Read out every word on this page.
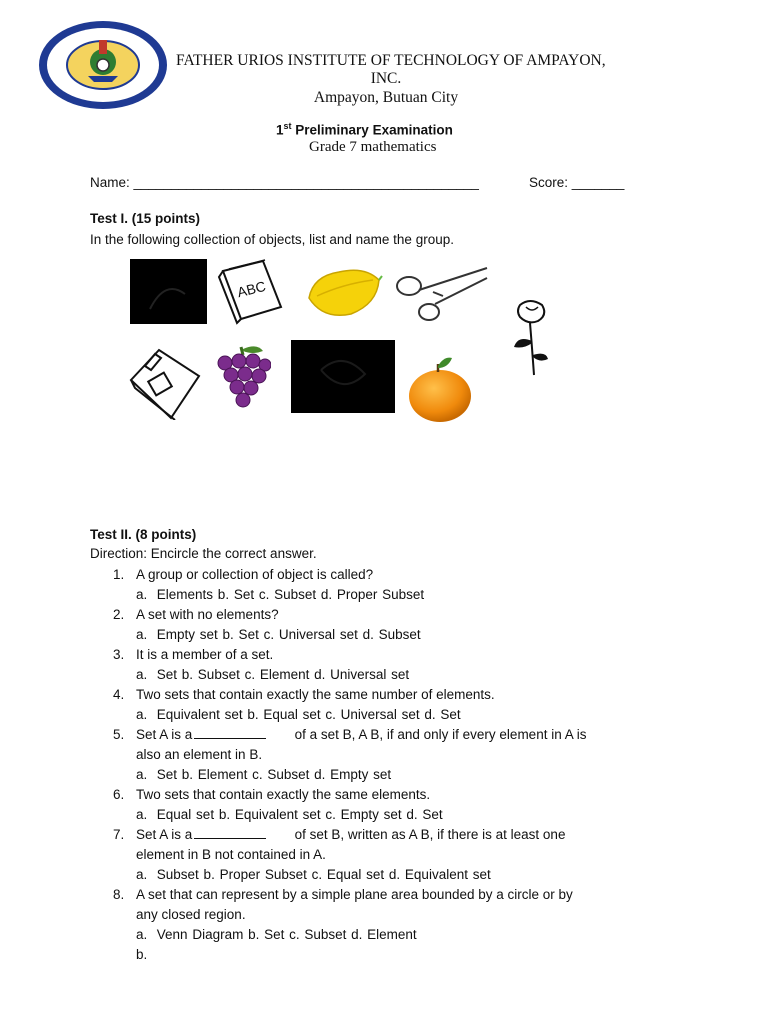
FATHER URIOS INSTITUTE OF TECHNOLOGY OF AMPAYON,
INC.
Ampayon, Butuan City
1st Preliminary Examination
Grade 7 mathematics
Name: ______________________________________________	Score: _______
Test I. (15 points)
In the following collection of objects, list and name the group.
ABC
Test II. (8 points)
Direction: Encircle the correct answer.
1. A group or collection of object is called?
a. Elements b. Set c. Subset d. Proper Subset
2. A set with no elements?
a. Empty set b. Set c. Universal set d. Subset
3. It is a member of a set.
a. Set b. Subset c. Element d. Universal set
4. Two sets that contain exactly the same number of elements.
a. Equivalent set b. Equal set c. Universal set d. Set
5. Set A is a	of a set B, A B, if and only if every element in A is
also an element in B.
a. Set b. Element c. Subset d. Empty set
6. Two sets that contain exactly the same elements.
a. Equal set b. Equivalent set c. Empty set d. Set
7. Set A is a	of set B, written as A B, if there is at least one
element in B not contained in A.
a. Subset b. Proper Subset c. Equal set d. Equivalent set
8. A set that can represent by a simple plane area bounded by a circle or by
any closed region.
a. Venn Diagram b. Set c. Subset d. Element
b.
